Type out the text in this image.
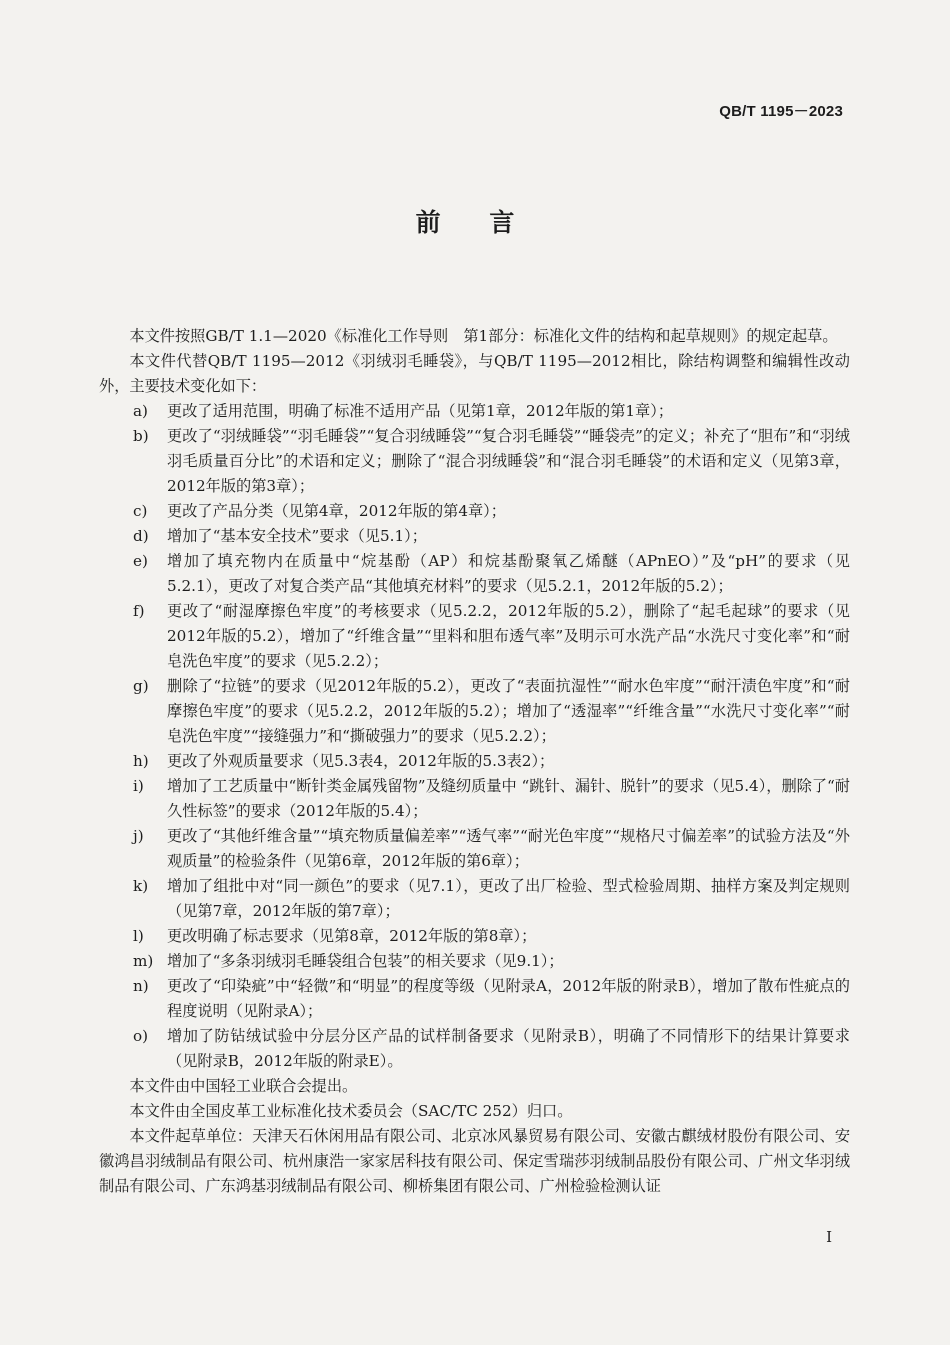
QB/T 1195－2023
前 言

本文件按照GB/T 1.1—2020《标准化工作导则　第1部分：标准化文件的结构和起草规则》的规定起草。

本文件代替QB/T 1195—2012《羽绒羽毛睡袋》，与QB/T 1195—2012相比，除结构调整和编辑性改动外，主要技术变化如下：

a) 更改了适用范围，明确了标准不适用产品（见第1章，2012年版的第1章）；
b) 更改了“羽绒睡袋”“羽毛睡袋”“复合羽绒睡袋”“复合羽毛睡袋”“睡袋壳”的定义；补充了“胆布”和“羽绒羽毛质量百分比”的术语和定义；删除了“混合羽绒睡袋”和“混合羽毛睡袋”的术语和定义（见第3章，2012年版的第3章）；
c) 更改了产品分类（见第4章，2012年版的第4章）；
d) 增加了“基本安全技术”要求（见5.1）；
e) 增加了填充物内在质量中“烷基酚（AP）和烷基酚聚氧乙烯醚（APnEO）”及“pH”的要求（见5.2.1），更改了对复合类产品“其他填充材料”的要求（见5.2.1，2012年版的5.2）；
f) 更改了“耐湿摩擦色牢度”的考核要求（见5.2.2，2012年版的5.2），删除了“起毛起球”的要求（见2012年版的5.2），增加了“纤维含量”“里料和胆布透气率”及明示可水洗产品“水洗尺寸变化率”和“耐皂洗色牢度”的要求（见5.2.2）；
g) 删除了“拉链”的要求（见2012年版的5.2），更改了“表面抗湿性”“耐水色牢度”“耐汗渍色牢度”和“耐摩擦色牢度”的要求（见5.2.2，2012年版的5.2）；增加了“透湿率”“纤维含量”“水洗尺寸变化率”“耐皂洗色牢度”“接缝强力”和“撕破强力”的要求（见5.2.2）；
h) 更改了外观质量要求（见5.3表4，2012年版的5.3表2）；
i) 增加了工艺质量中“断针类金属残留物”及缝纫质量中 “跳针、漏针、脱针”的要求（见5.4），删除了“耐久性标签”的要求（2012年版的5.4）；
j) 更改了“其他纤维含量”“填充物质量偏差率”“透气率”“耐光色牢度”“规格尺寸偏差率”的试验方法及“外观质量”的检验条件（见第6章，2012年版的第6章）；
k) 增加了组批中对“同一颜色”的要求（见7.1），更改了出厂检验、型式检验周期、抽样方案及判定规则（见第7章，2012年版的第7章）；
l) 更改明确了标志要求（见第8章，2012年版的第8章）；
m) 增加了“多条羽绒羽毛睡袋组合包装”的相关要求（见9.1）；
n) 更改了“印染疵”中“轻微”和“明显”的程度等级（见附录A，2012年版的附录B），增加了散布性疵点的程度说明（见附录A）；
o) 增加了防钻绒试验中分层分区产品的试样制备要求（见附录B），明确了不同情形下的结果计算要求（见附录B，2012年版的附录E）。

本文件由中国轻工业联合会提出。

本文件由全国皮革工业标准化技术委员会（SAC/TC 252）归口。

本文件起草单位：天津天石休闲用品有限公司、北京冰风暴贸易有限公司、安徽古麒绒材股份有限公司、安徽鸿昌羽绒制品有限公司、杭州康浩一家家居科技有限公司、保定雪瑞莎羽绒制品股份有限公司、广州文华羽绒制品有限公司、广东鸿基羽绒制品有限公司、柳桥集团有限公司、广州检验检测认证

I
